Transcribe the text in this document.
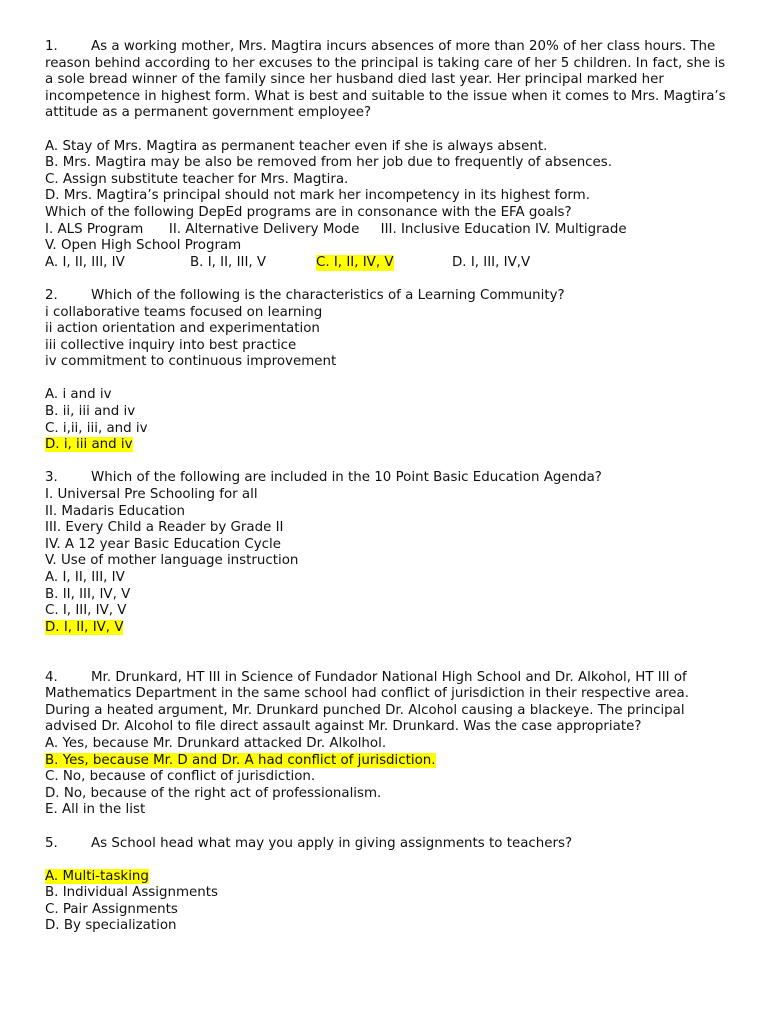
1. As a working mother, Mrs. Magtira incurs absences of more than 20% of her class hours. The reason behind according to her excuses to the principal is taking care of her 5 children. In fact, she is a sole bread winner of the family since her husband died last year. Her principal marked her incompetence in highest form. What is best and suitable to the issue when it comes to Mrs. Magtira’s attitude as a permanent government employee?
A. Stay of Mrs. Magtira as permanent teacher even if she is always absent.
B. Mrs. Magtira may be also be removed from her job due to frequently of absences.
C. Assign substitute teacher for Mrs. Magtira.
D. Mrs. Magtira’s principal should not mark her incompetency in its highest form.
Which of the following DepEd programs are in consonance with the EFA goals?
I. ALS Program      II. Alternative Delivery Mode     III. Inclusive Education IV. Multigrade
V. Open High School Program
A. I, II, III, IV	B. I, II, III, V	C. I, II, IV, V	D. I, III, IV,V
2. Which of the following is the characteristics of a Learning Community?
i collaborative teams focused on learning
ii action orientation and experimentation
iii collective inquiry into best practice
iv commitment to continuous improvement
A. i and iv
B. ii, iii and iv
C. i,ii, iii, and iv
D. i, iii and iv
3. Which of the following are included in the 10 Point Basic Education Agenda?
I. Universal Pre Schooling for all
II. Madaris Education
III. Every Child a Reader by Grade II
IV. A 12 year Basic Education Cycle
V. Use of mother language instruction
A. I, II, III, IV
B. II, III, IV, V
C. I, III, IV, V
D. I, II, IV, V
4. Mr. Drunkard, HT III in Science of Fundador National High School and Dr. Alkohol, HT III of Mathematics Department in the same school had conflict of jurisdiction in their respective area. During a heated argument, Mr. Drunkard punched Dr. Alcohol causing a blackeye. The principal advised Dr. Alcohol to file direct assault against Mr. Drunkard. Was the case appropriate?
A. Yes, because Mr. Drunkard attacked Dr. Alkolhol.
B. Yes, because Mr. D and Dr. A had conflict of jurisdiction.
C. No, because of conflict of jurisdiction.
D. No, because of the right act of professionalism.
E. All in the list
5. As School head what may you apply in giving assignments to teachers?
A. Multi-tasking
B. Individual Assignments
C. Pair Assignments
D. By specialization
